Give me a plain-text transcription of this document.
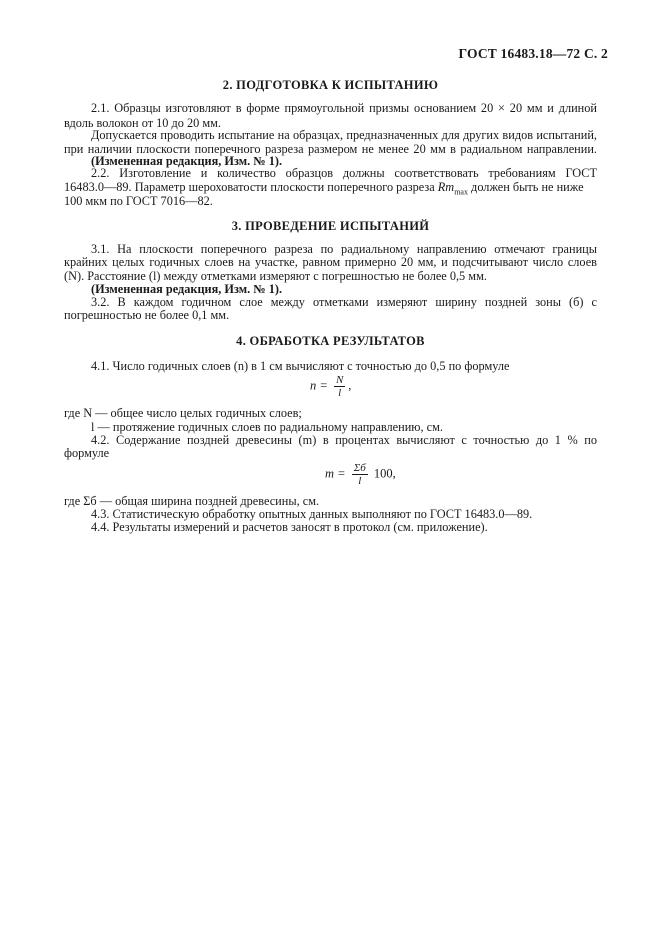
ГОСТ 16483.18—72 С. 2
2. ПОДГОТОВКА К ИСПЫТАНИЮ
2.1. Образцы изготовляют в форме прямоугольной призмы основанием 20 × 20 мм и длиной
вдоль волокон от 10 до 20 мм.
Допускается проводить испытание на образцах, предназначенных для других видов испытаний,
при наличии плоскости поперечного разреза размером не менее 20 мм в радиальном направлении.
(Измененная редакция, Изм. № 1).
2.2. Изготовление и количество образцов должны соответствовать требованиям ГОСТ
16483.0—89. Параметр шероховатости плоскости поперечного разреза $Rm_{max}$ должен быть не ниже
100 мкм по ГОСТ 7016—82.
3. ПРОВЕДЕНИЕ ИСПЫТАНИЙ
3.1. На плоскости поперечного разреза по радиальному направлению отмечают границы
крайних целых годичных слоев на участке, равном примерно 20 мм, и подсчитывают число слоев
(N). Расстояние (l) между отметками измеряют с погрешностью не более 0,5 мм.
(Измененная редакция, Изм. № 1).
3.2. В каждом годичном слое между отметками измеряют ширину поздней зоны (б) с
погрешностью не более 0,1 мм.
4. ОБРАБОТКА РЕЗУЛЬТАТОВ
4.1. Число годичных слоев (n) в 1 см вычисляют с точностью до 0,5 по формуле
$n = \frac{N}{l}$ ,
где N — общее число целых годичных слоев;
l — протяжение годичных слоев по радиальному направлению, см.
4.2. Содержание поздней древесины (m) в процентах вычисляют с точностью до 1 % по
формуле
$m = \frac{\Sigma б}{l} 100$,
где Σб — общая ширина поздней древесины, см.
4.3. Статистическую обработку опытных данных выполняют по ГОСТ 16483.0—89.
4.4. Результаты измерений и расчетов заносят в протокол (см. приложение).
